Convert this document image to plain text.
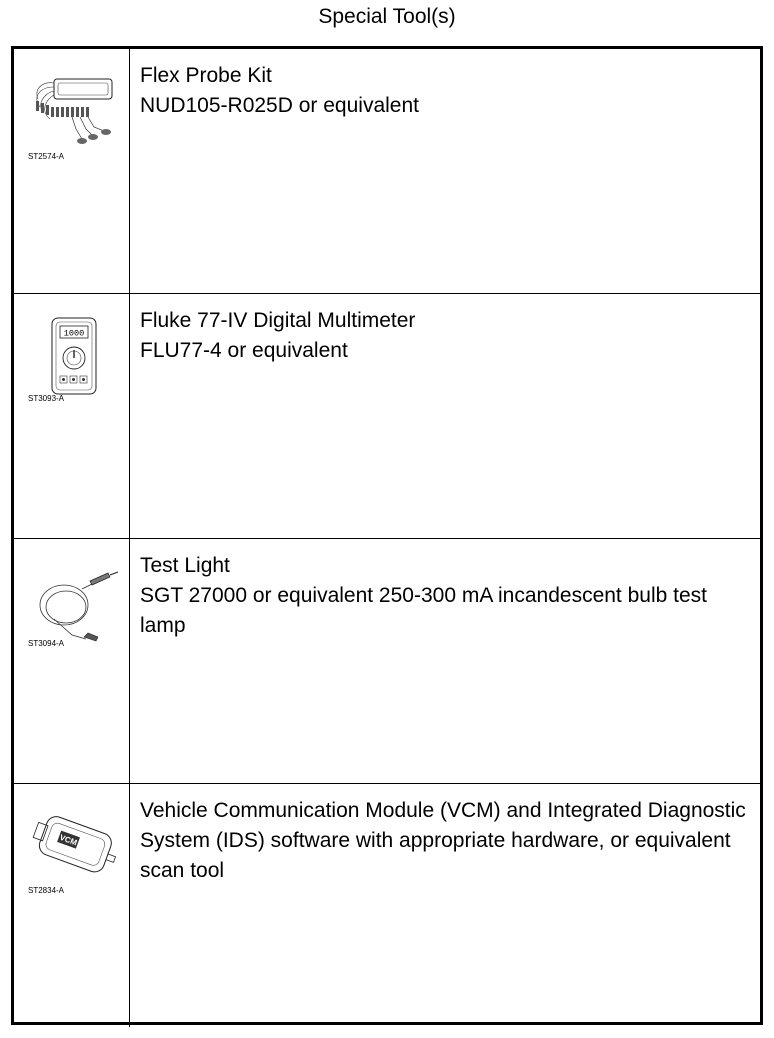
Special Tool(s)
ST2574-A
Flex Probe Kit
NUD105-R025D or equivalent
1000
ST3093-A
Fluke 77-IV Digital Multimeter
FLU77-4 or equivalent
ST3094-A
Test Light
SGT 27000 or equivalent 250-300 mA incandescent bulb test lamp
VCM
ST2834-A
Vehicle Communication Module (VCM) and Integrated Diagnostic System (IDS) software with appropriate hardware, or equivalent scan tool
